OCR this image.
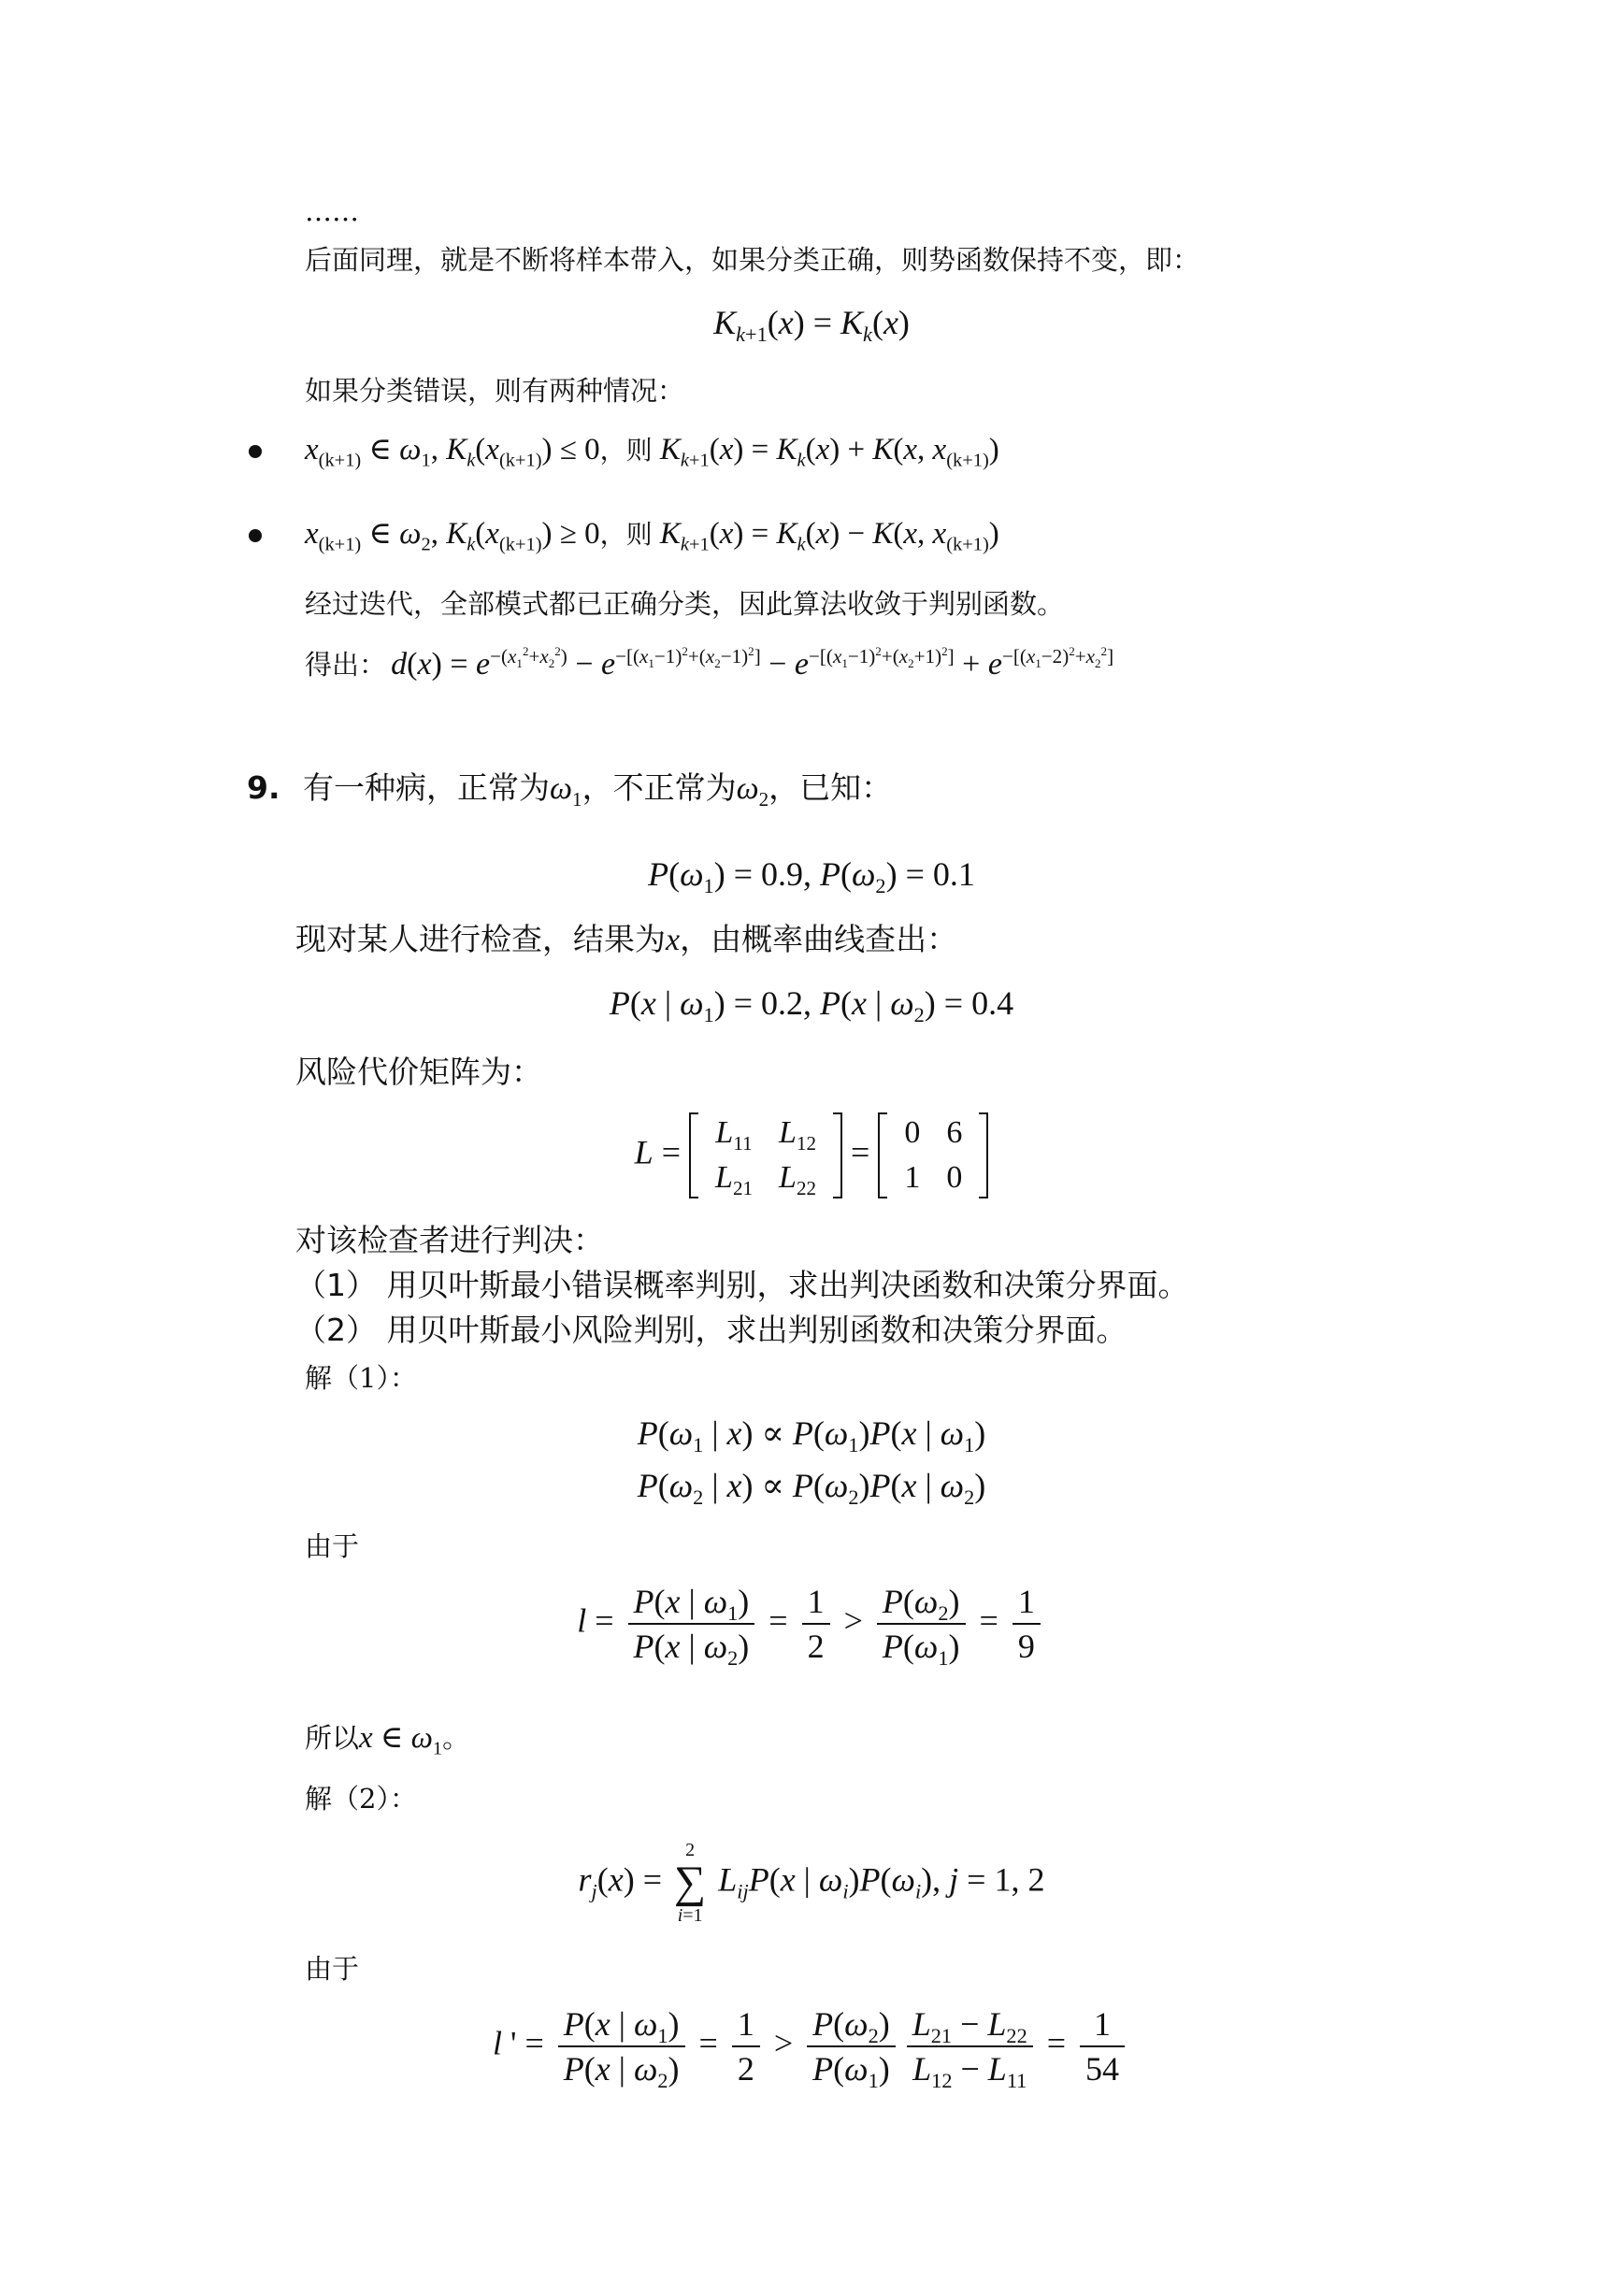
……
后面同理，就是不断将样本带入，如果分类正确，则势函数保持不变，即：
$K_{k+1}(x) = K_k(x)$
如果分类错误，则有两种情况：
$x_{(k+1)}$ ∈ $\omega_1$, $K_k(x_{(k+1)}) \le 0$，则 $K_{k+1}(x) = K_k(x) + K(x$, $x_{(k+1)}$)
$x_{(k+1)}$ ∈ $\omega_2$, $K_k(x_{(k+1)}) \ge 0$，则 $K_{k+1}(x) = K_k(x) - K(x$, $x_{(k+1)}$)
经过迭代，全部模式都已正确分类，因此算法收敛于判别函数。
得出： $d(x) = e^{-(x_1^2+x_2^2)} - e^{-[(x_1-1)^2+(x_2-1)^2]} - e^{-[(x_1-1)^2+(x_2+1)^2]} + e^{-[(x_1-2)^2+x_2^2]}$
9. 有一种病，正常为$\omega_1$，不正常为$\omega_2$，已知：
$P(\omega_1) = 0.9$, $P(\omega_2) = 0.1$
现对某人进行检查，结果为x，由概率曲线查出：
P(x | $\omega_1) = 0.2$, P(x | $\omega_2) = 0.4$
风险代价矩阵为：
L =
$L_{11}$	$L_{12}$
$L_{21}$	$L_{22}$
=
0	6
1	0
对该检查者进行判决：
（1） 用贝叶斯最小错误概率判别，求出判决函数和决策分界面。
（2） 用贝叶斯最小风险判别，求出判别函数和决策分界面。
解（1）：
$P(\omega_1$ | $x) \propto P(\omega_1)P(x$ | $\omega_1$)
$P(\omega_2$ | $x) \propto P(\omega_2)P(x$ | $\omega_2$)
由于
$l = \frac{P(x | \omega_1)}{P(x | \omega_2)} = \frac{1}{2} > \frac{P(\omega_2)}{P(\omega_1)} = \frac{1}{9}$
所以x ∈ $\omega_1$。
解（2）：
$r_j(x)$ =
2
∑
i=1
$L_{ij}P(x$ | $\omega_i)P(\omega_i)$, j = 1, 2
由于
l ' = $\frac{P(x | \omega_1)}{P(x | \omega_2)} = \frac{1}{2} > \frac{P(\omega_2)}{P(\omega_1)} \frac{L_{21} - L_{22}}{L_{12} - L_{11}} = \frac{1}{54}$
